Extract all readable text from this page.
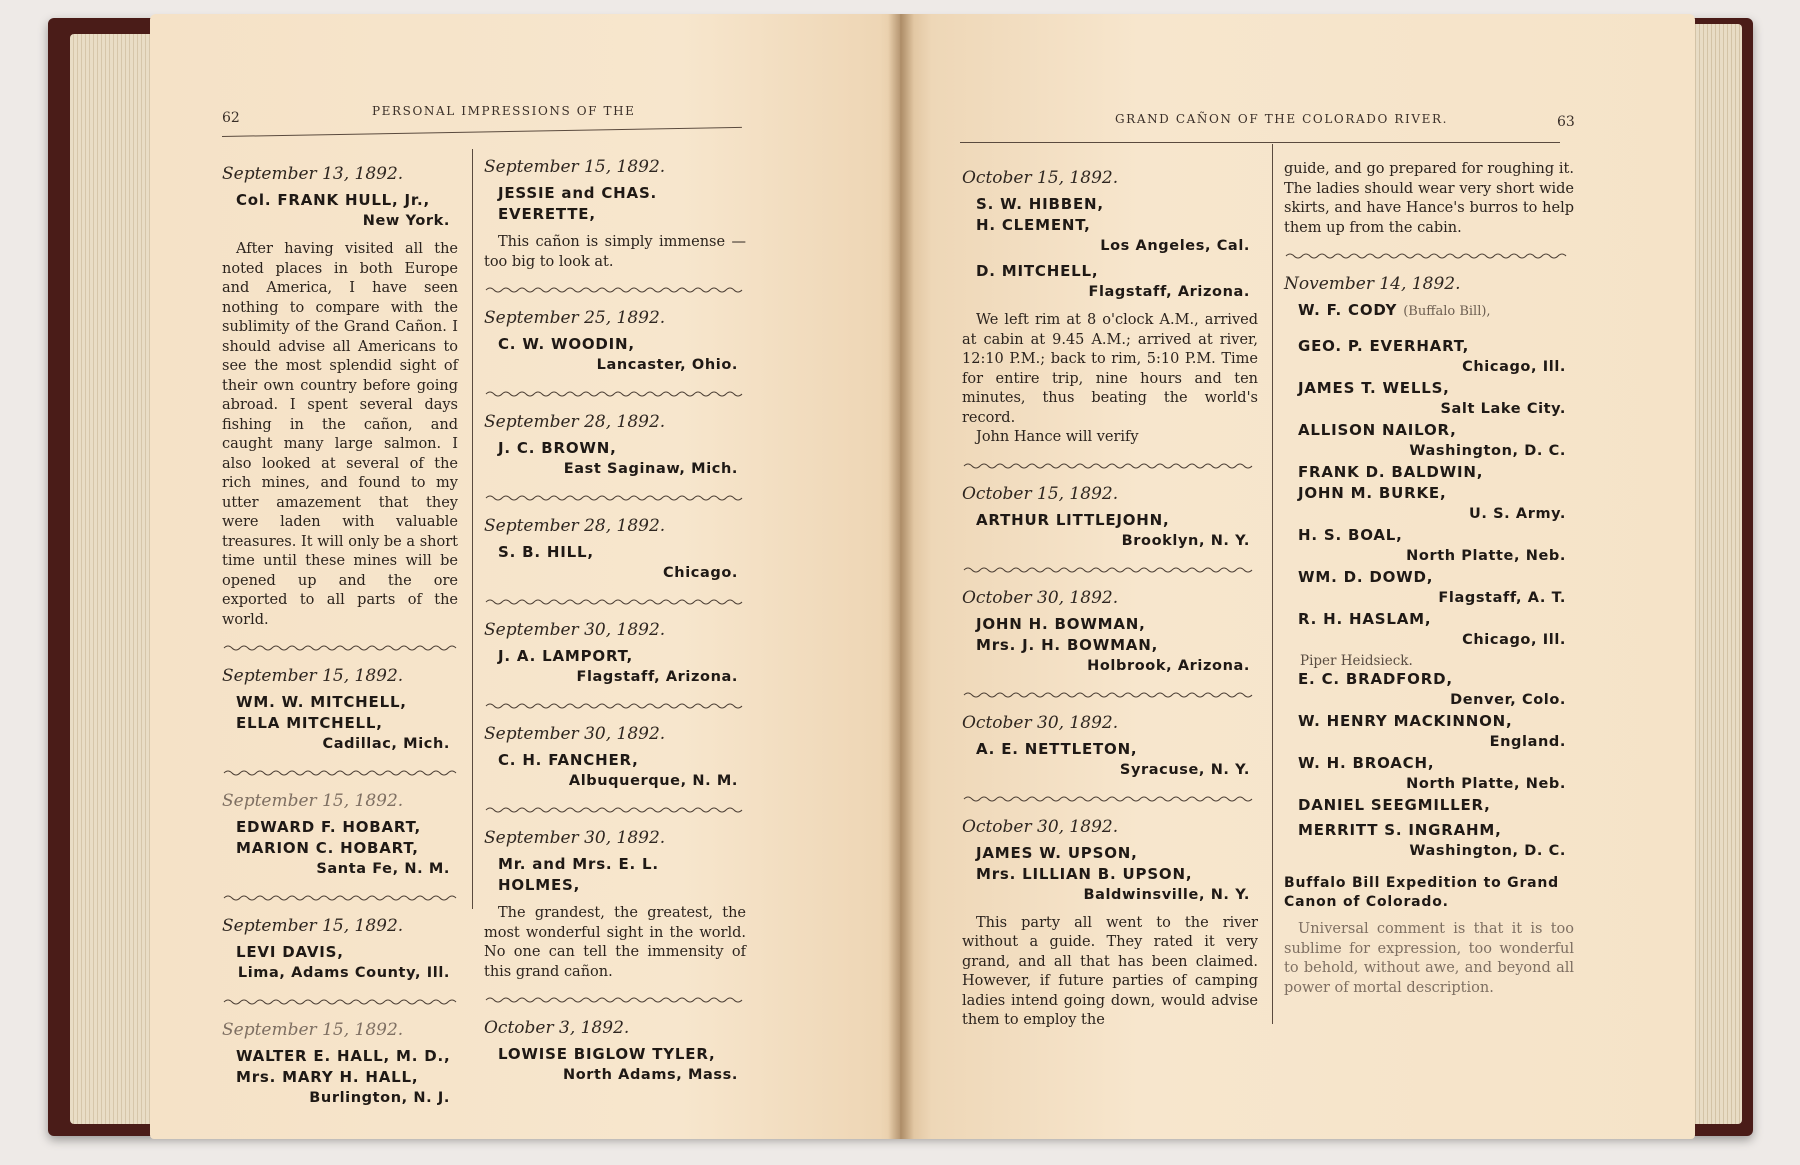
62	PERSONAL IMPRESSIONS OF THE
September 13, 1892.
Col. FRANK HULL, Jr.,
New York.
After having visited all the noted places in both Europe and America, I have seen nothing to compare with the sublimity of the Grand Cañon. I should advise all Americans to see the most splendid sight of their own country before going abroad. I spent several days fishing in the cañon, and caught many large salmon. I also looked at several of the rich mines, and found to my utter amazement that they were laden with valuable treasures. It will only be a short time until these mines will be opened up and the ore exported to all parts of the world.
September 15, 1892.
WM. W. MITCHELL,
ELLA MITCHELL,
Cadillac, Mich.
September 15, 1892.
EDWARD F. HOBART,
MARION C. HOBART,
Santa Fe, N. M.
September 15, 1892.
LEVI DAVIS,
Lima, Adams County, Ill.
September 15, 1892.
WALTER E. HALL, M. D.,
Mrs. MARY H. HALL,
Burlington, N. J.
September 15, 1892.
JESSIE and CHAS. EVERETTE,
This cañon is simply immense — too big to look at.
September 25, 1892.
C. W. WOODIN,
Lancaster, Ohio.
September 28, 1892.
J. C. BROWN,
East Saginaw, Mich.
September 28, 1892.
S. B. HILL,
Chicago.
September 30, 1892.
J. A. LAMPORT,
Flagstaff, Arizona.
September 30, 1892.
C. H. FANCHER,
Albuquerque, N. M.
September 30, 1892.
Mr. and Mrs. E. L. HOLMES,
The grandest, the greatest, the most wonderful sight in the world. No one can tell the immensity of this grand cañon.
October 3, 1892.
LOWISE BIGLOW TYLER,
North Adams, Mass.
GRAND CAÑON OF THE COLORADO RIVER.	63
October 15, 1892.
S. W. HIBBEN,
H. CLEMENT,
Los Angeles, Cal.
D. MITCHELL,
Flagstaff, Arizona.
We left rim at 8 o'clock A.M., arrived at cabin at 9.45 A.M.; arrived at river, 12:10 P.M.; back to rim, 5:10 P.M. Time for entire trip, nine hours and ten minutes, thus beating the world's record.
John Hance will verify
October 15, 1892.
ARTHUR LITTLEJOHN,
Brooklyn, N. Y.
October 30, 1892.
JOHN H. BOWMAN,
Mrs. J. H. BOWMAN,
Holbrook, Arizona.
October 30, 1892.
A. E. NETTLETON,
Syracuse, N. Y.
October 30, 1892.
JAMES W. UPSON,
Mrs. LILLIAN B. UPSON,
Baldwinsville, N. Y.
This party all went to the river without a guide. They rated it very grand, and all that has been claimed. However, if future parties of camping ladies intend going down, would advise them to employ the
guide, and go prepared for roughing it. The ladies should wear very short wide skirts, and have Hance's burros to help them up from the cabin.
November 14, 1892.
W. F. CODY (Buffalo Bill),
GEO. P. EVERHART,
Chicago, Ill.
JAMES T. WELLS,
Salt Lake City.
ALLISON NAILOR,
Washington, D. C.
FRANK D. BALDWIN,
JOHN M. BURKE,
U. S. Army.
H. S. BOAL,
North Platte, Neb.
WM. D. DOWD,
Flagstaff, A. T.
R. H. HASLAM,
Chicago, Ill.
Piper Heidsieck.
E. C. BRADFORD,
Denver, Colo.
W. HENRY MACKINNON,
England.
W. H. BROACH,
North Platte, Neb.
DANIEL SEEGMILLER,
MERRITT S. INGRAHM,
Washington, D. C.
Buffalo Bill Expedition to Grand Canon of Colorado.
Universal comment is that it is too sublime for expression, too wonderful to behold, without awe, and beyond all power of mortal description.
